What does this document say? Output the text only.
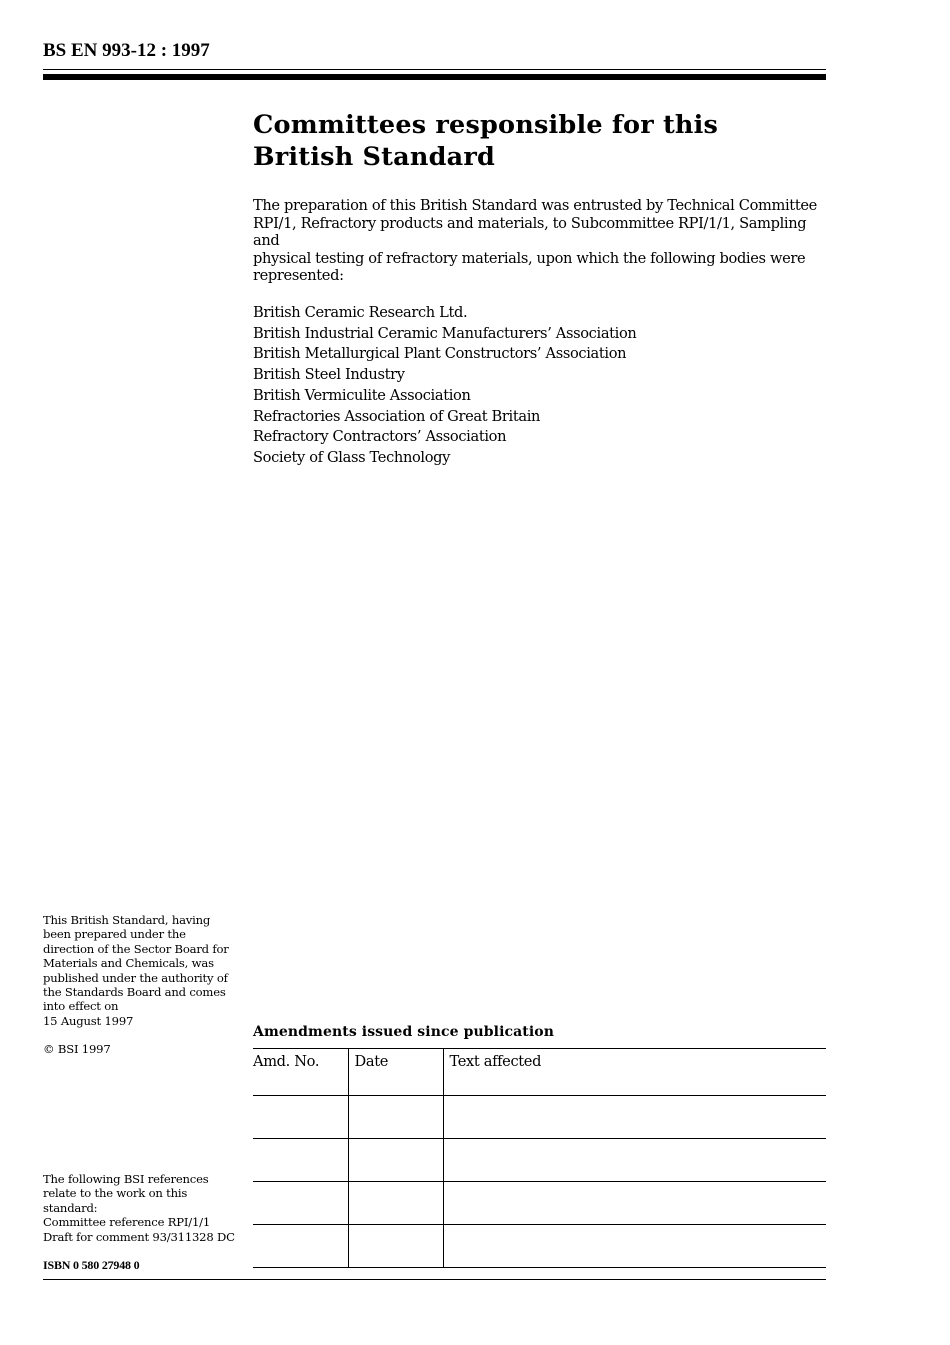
BS EN 993-12 : 1997
Committees responsible for this
British Standard

The preparation of this British Standard was entrusted by Technical Committee
RPI/1, Refractory products and materials, to Subcommittee RPI/1/1, Sampling and
physical testing of refractory materials, upon which the following bodies were
represented:

British Ceramic Research Ltd.
British Industrial Ceramic Manufacturers’ Association
British Metallurgical Plant Constructors’ Association
British Steel Industry
British Vermiculite Association
Refractories Association of Great Britain
Refractory Contractors’ Association
Society of Glass Technology
This British Standard, having
been prepared under the
direction of the Sector Board for
Materials and Chemicals, was
published under the authority of
the Standards Board and comes
into effect on
15 August 1997
© BSI 1997
The following BSI references
relate to the work on this
standard:
Committee reference RPI/1/1
Draft for comment 93/311328 DC
ISBN 0 580 27948 0
Amendments issued since publication
Amd. No.	Date	Text affected
